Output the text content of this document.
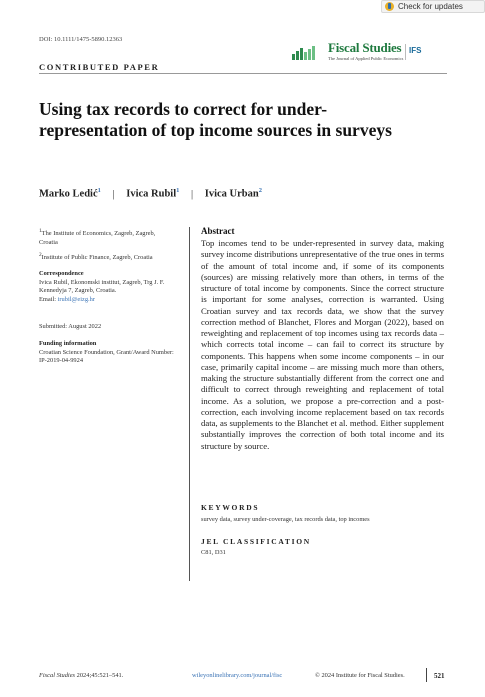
Check for updates
DOI: 10.1111/1475-5890.12363
CONTRIBUTED PAPER
Fiscal Studies
The Journal of Applied Public Economics
IFS
Using tax records to correct for under-representation of top income sources in surveys
Marko Ledić$^1$ | Ivica Rubil$^1$ | Ivica Urban$^2$
$^1$The Institute of Economics, Zagreb, Zagreb, Croatia
$^2$Institute of Public Finance, Zagreb, Croatia
Correspondence
Ivica Rubil, Ekonomski institut, Zagreb, Trg J. F. Kennedyja 7, Zagreb, Croatia.
Email: irubil@eizg.hr
Submitted: August 2022
Funding information
Croatian Science Foundation, Grant/Award Number: IP-2019-04-9924
Abstract
Top incomes tend to be under-represented in survey data, making survey income distributions unrepresentative of the true ones in terms of the amount of total income and, if some of its components (sources) are missing relatively more than others, in terms of the structure of total income by components. Since the correct structure is important for some analyses, correction is warranted. Using Croatian survey and tax records data, we show that the survey correction method of Blanchet, Flores and Morgan (2022), based on reweighting and replacement of top incomes using tax records data – which corrects total income – can fail to correct its structure by components. This happens when some income components – in our case, primarily capital income – are missing much more than others, making the structure substantially different from the correct one and difficult to correct through reweighting and replacement of total income. As a solution, we propose a pre-correction and a post-correction, each involving income replacement based on tax records data, as supplements to the Blanchet et al. method. Either supplement substantially improves the correction of both total income and its structure by source.
KEYWORDS
survey data, survey under-coverage, tax records data, top incomes
JEL CLASSIFICATION
C81, D31
Fiscal Studies 2024;45:521–541.	wileyonlinelibrary.com/journal/fisc	© 2024 Institute for Fiscal Studies.	521
